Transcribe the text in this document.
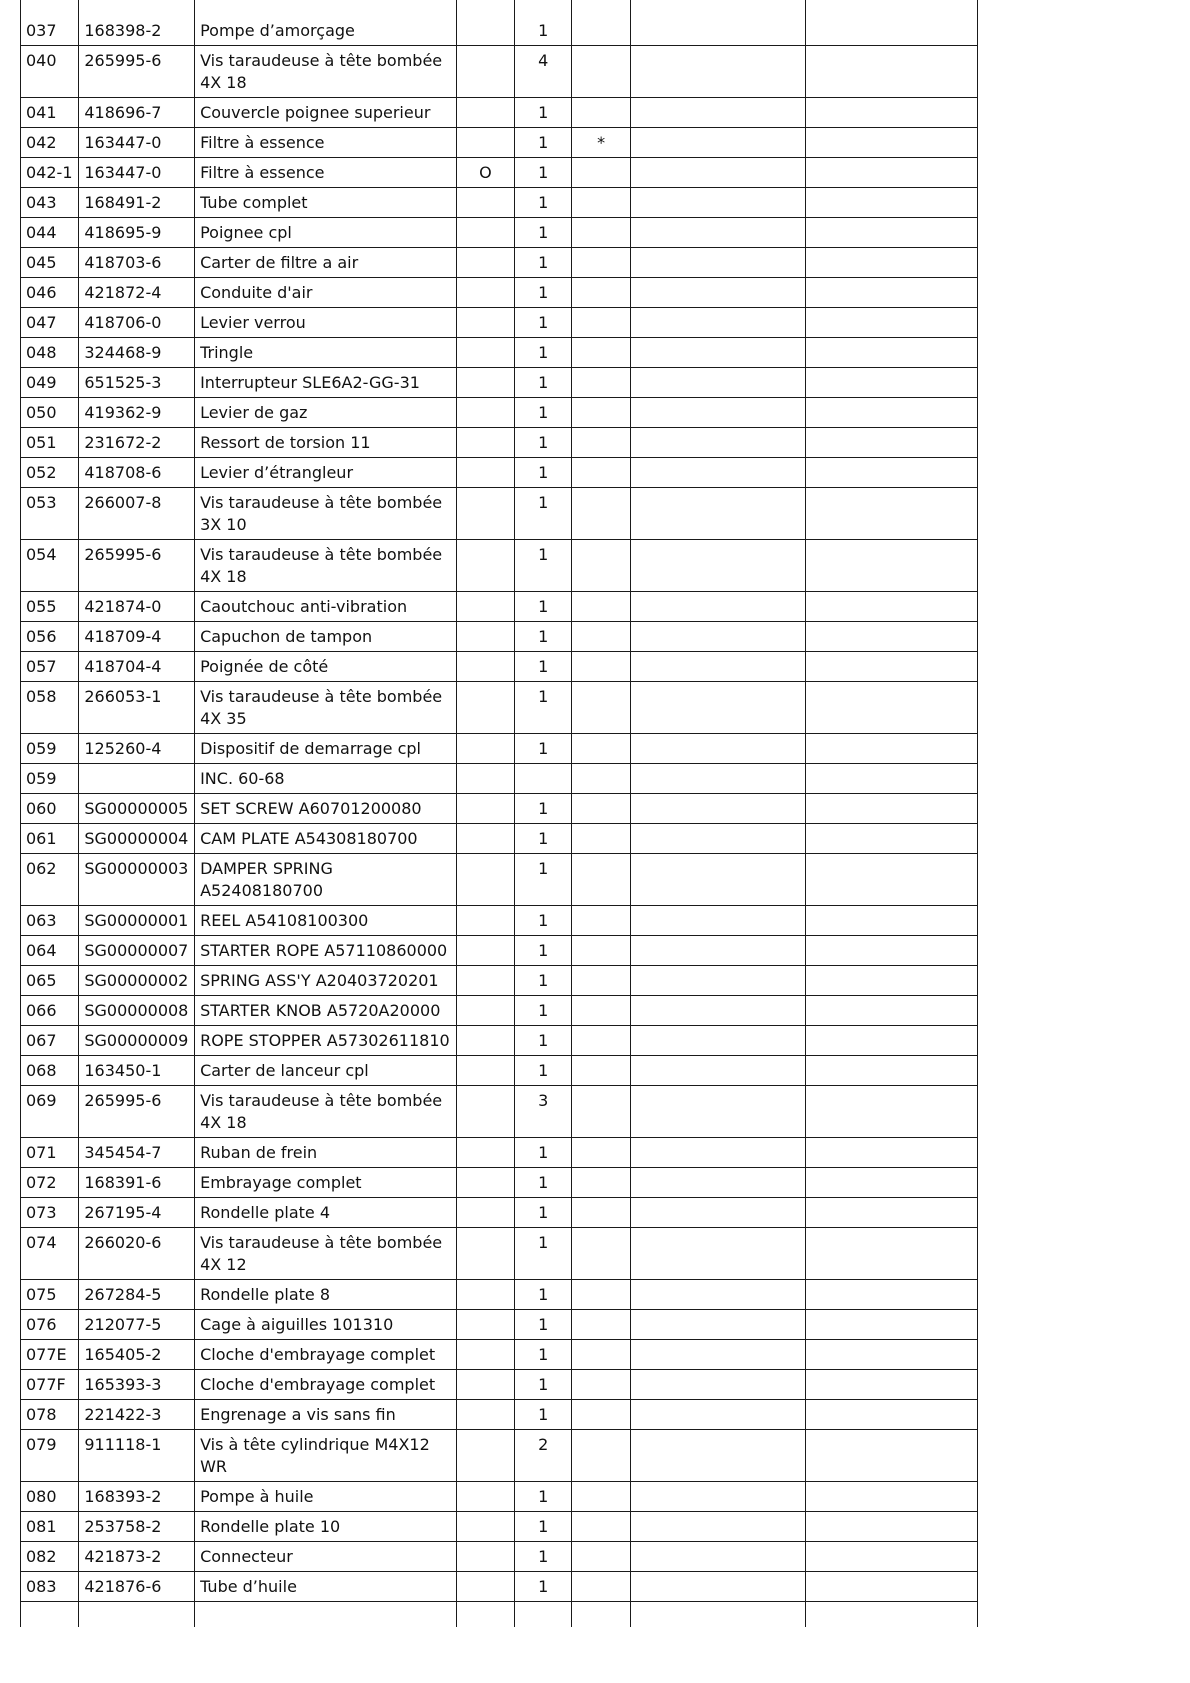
037	168398-2	Pompe d’amorçage		1			
040	265995-6	Vis taraudeuse à tête bombée 4X 18		4			
041	418696-7	Couvercle poignee superieur		1			
042	163447-0	Filtre à essence		1	*		
042-1	163447-0	Filtre à essence	O	1			
043	168491-2	Tube complet		1			
044	418695-9	Poignee cpl		1			
045	418703-6	Carter de filtre a air		1			
046	421872-4	Conduite d'air		1			
047	418706-0	Levier verrou		1			
048	324468-9	Tringle		1			
049	651525-3	Interrupteur SLE6A2-GG-31		1			
050	419362-9	Levier de gaz		1			
051	231672-2	Ressort de torsion 11		1			
052	418708-6	Levier d’étrangleur		1			
053	266007-8	Vis taraudeuse à tête bombée 3X 10		1			
054	265995-6	Vis taraudeuse à tête bombée 4X 18		1			
055	421874-0	Caoutchouc anti-vibration		1			
056	418709-4	Capuchon de tampon		1			
057	418704-4	Poignée de côté		1			
058	266053-1	Vis taraudeuse à tête bombée 4X 35		1			
059	125260-4	Dispositif de demarrage cpl		1			
059		INC. 60-68					
060	SG00000005	SET SCREW A60701200080		1			
061	SG00000004	CAM PLATE A54308180700		1			
062	SG00000003	DAMPER SPRING A52408180700		1			
063	SG00000001	REEL A54108100300		1			
064	SG00000007	STARTER ROPE A57110860000		1			
065	SG00000002	SPRING ASS'Y A20403720201		1			
066	SG00000008	STARTER KNOB A5720A20000		1			
067	SG00000009	ROPE STOPPER A57302611810		1			
068	163450-1	Carter de lanceur cpl		1			
069	265995-6	Vis taraudeuse à tête bombée 4X 18		3			
071	345454-7	Ruban de frein		1			
072	168391-6	Embrayage complet		1			
073	267195-4	Rondelle plate 4		1			
074	266020-6	Vis taraudeuse à tête bombée 4X 12		1			
075	267284-5	Rondelle plate 8		1			
076	212077-5	Cage à aiguilles 101310		1			
077E	165405-2	Cloche d'embrayage complet		1			
077F	165393-3	Cloche d'embrayage complet		1			
078	221422-3	Engrenage a vis sans fin		1			
079	911118-1	Vis à tête cylindrique M4X12 WR		2			
080	168393-2	Pompe à huile		1			
081	253758-2	Rondelle plate 10		1			
082	421873-2	Connecteur		1			
083	421876-6	Tube d’huile		1			
